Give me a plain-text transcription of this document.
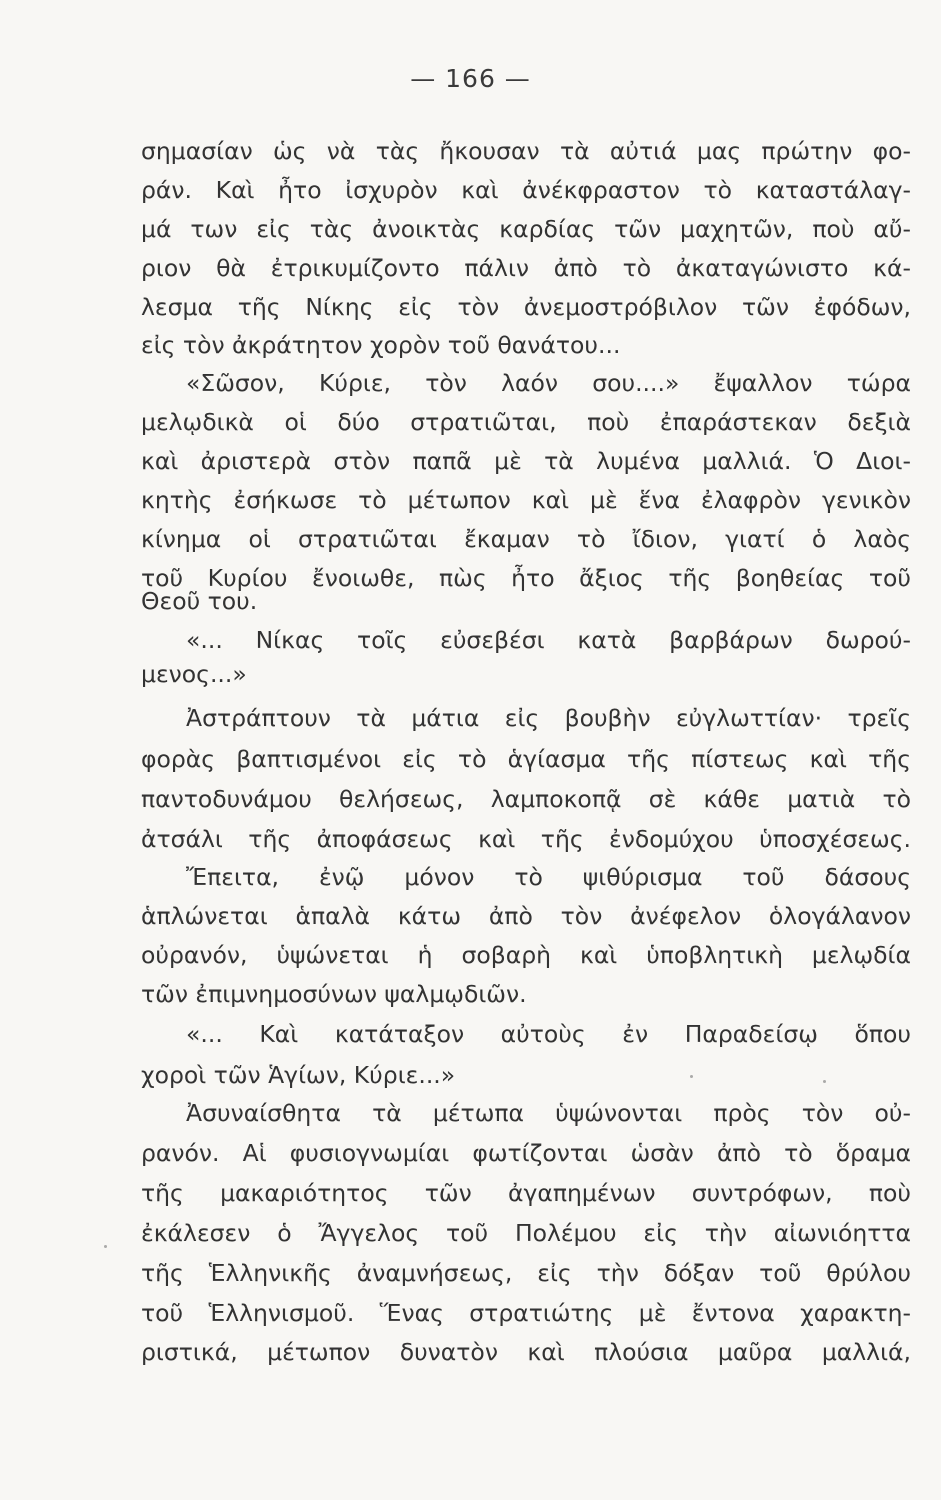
— 166 —
σημασίαν ὡς νὰ τὰς ἤκουσαν τὰ αὐτιά μας πρώτην φο-
ράν. Καὶ ἦτο ἰσχυρὸν καὶ ἀνέκφραστον τὸ καταστάλαγ-
μά των εἰς τὰς ἀνοικτὰς καρδίας τῶν μαχητῶν, ποὺ αὔ-
ριον θὰ ἐτρικυμίζοντο πάλιν ἀπὸ τὸ ἀκαταγώνιστο κά-
λεσμα τῆς Νίκης εἰς τὸν ἀνεμοστρόβιλον τῶν ἐφόδων,
εἰς τὸν ἀκράτητον χορὸν τοῦ θανάτου...
«Σῶσον, Κύριε, τὸν λαόν σου....» ἔψαλλον τώρα
μελῳδικὰ οἱ δύο στρατιῶται, ποὺ ἐπαράστεκαν δεξιὰ
καὶ ἀριστερὰ στὸν παπᾶ μὲ τὰ λυμένα μαλλιά. Ὁ Διοι-
κητὴς ἐσήκωσε τὸ μέτωπον καὶ μὲ ἕνα ἐλαφρὸν γενικὸν
κίνημα οἱ στρατιῶται ἔκαμαν τὸ ἴδιον, γιατί ὁ λαὸς
τοῦ Κυρίου ἔνοιωθε, πὼς ἦτο ἄξιος τῆς βοηθείας τοῦ
Θεοῦ του.
«... Νίκας τοῖς εὐσεβέσι κατὰ βαρβάρων δωρού-
μενος...»
Ἀστράπτουν τὰ μάτια εἰς βουβὴν εὐγλωττίαν· τρεῖς
φορὰς βαπτισμένοι εἰς τὸ ἁγίασμα τῆς πίστεως καὶ τῆς
παντοδυνάμου θελήσεως, λαμποκοπᾷ σὲ κάθε ματιὰ τὸ
ἀτσάλι τῆς ἀποφάσεως καὶ τῆς ἐνδομύχου ὑποσχέσεως.
Ἔπειτα, ἐνῷ μόνον τὸ ψιθύρισμα τοῦ δάσους
ἁπλώνεται ἁπαλὰ κάτω ἀπὸ τὸν ἀνέφελον ὁλογάλανον
οὐρανόν, ὑψώνεται ἡ σοβαρὴ καὶ ὑποβλητικὴ μελῳδία
τῶν ἐπιμνημοσύνων ψαλμῳδιῶν.
«... Καὶ κατάταξον αὐτοὺς ἐν Παραδείσῳ ὅπου
χοροὶ τῶν Ἁγίων, Κύριε...»
Ἀσυναίσθητα τὰ μέτωπα ὑψώνονται πρὸς τὸν οὐ-
ρανόν. Αἱ φυσιογνωμίαι φωτίζονται ὡσὰν ἀπὸ τὸ ὅραμα
τῆς μακαριότητος τῶν ἀγαπημένων συντρόφων, ποὺ
ἐκάλεσεν ὁ Ἄγγελος τοῦ Πολέμου εἰς τὴν αἰωνιόηττα
τῆς Ἑλληνικῆς ἀναμνήσεως, εἰς τὴν δόξαν τοῦ θρύλου
τοῦ Ἑλληνισμοῦ. Ἕνας στρατιώτης μὲ ἔντονα χαρακτη-
ριστικά, μέτωπον δυνατὸν καὶ πλούσια μαῦρα μαλλιά,
